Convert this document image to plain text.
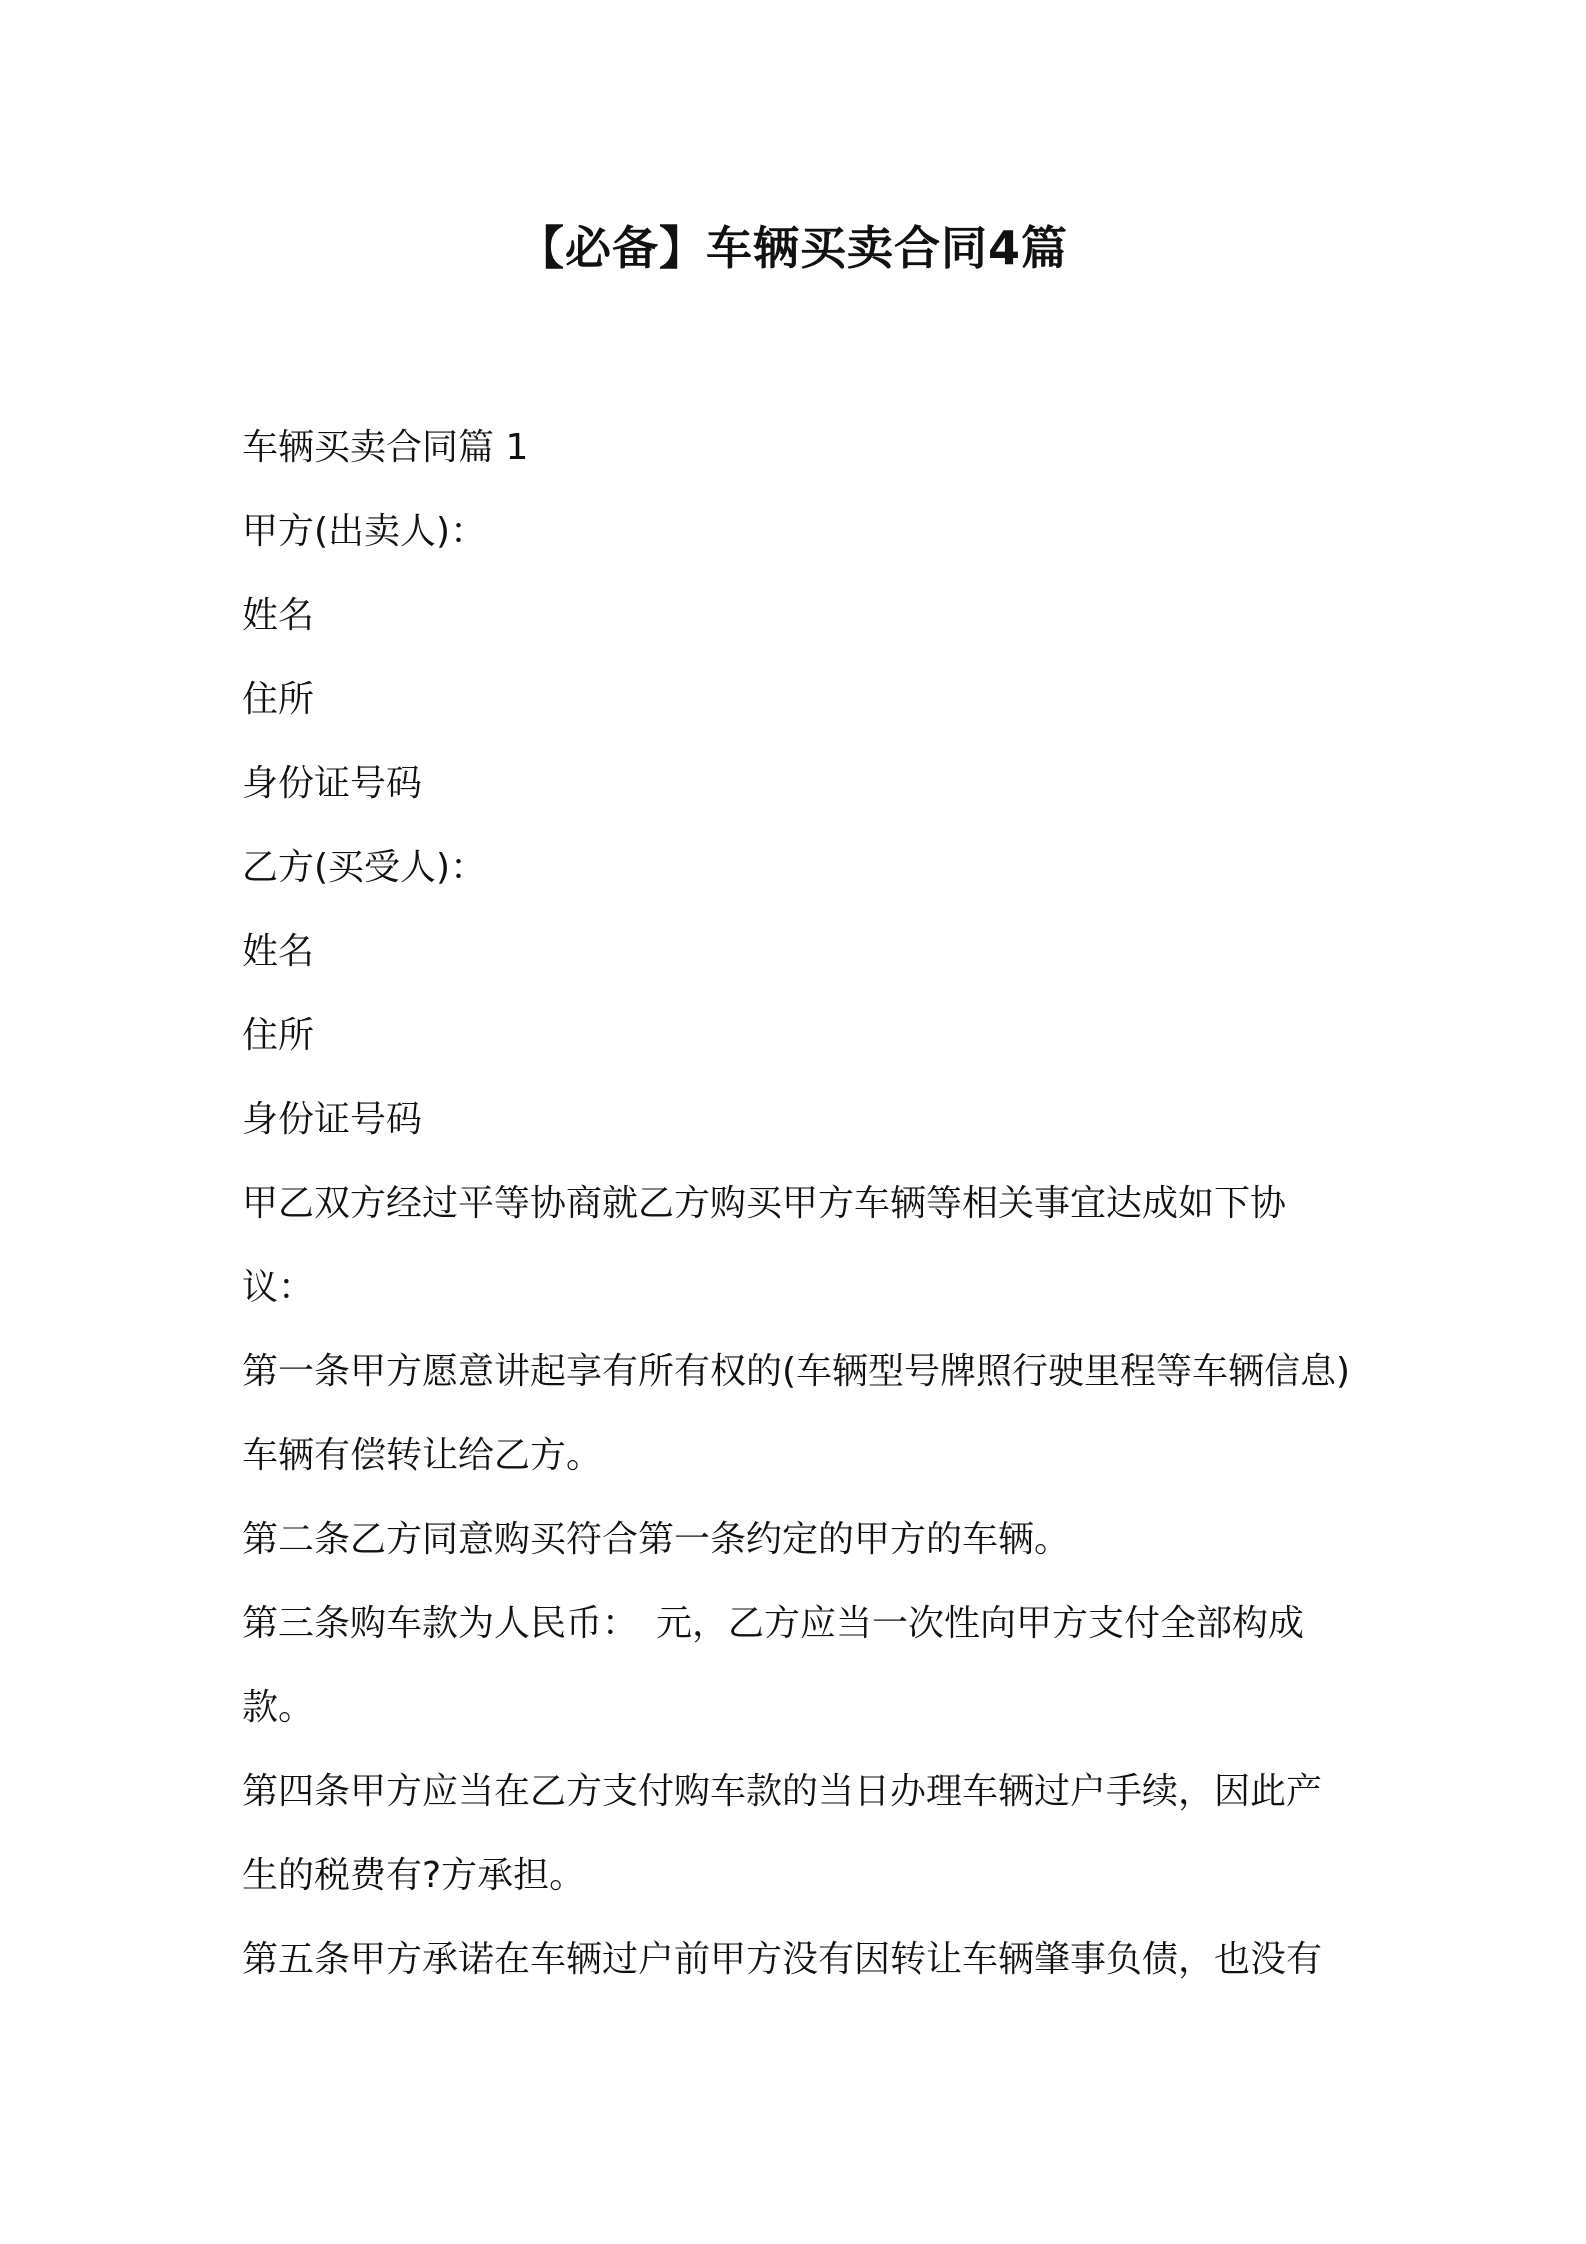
【必备】车辆买卖合同4篇

车辆买卖合同篇 1

甲方(出卖人)：

姓名

住所

身份证号码

乙方(买受人)：

姓名

住所

身份证号码

甲乙双方经过平等协商就乙方购买甲方车辆等相关事宜达成如下协议：

第一条甲方愿意讲起享有所有权的(车辆型号牌照行驶里程等车辆信息)车辆有偿转让给乙方。

第二条乙方同意购买符合第一条约定的甲方的车辆。

第三条购车款为人民币：　元，乙方应当一次性向甲方支付全部构成款。

第四条甲方应当在乙方支付购车款的当日办理车辆过户手续，因此产生的税费有?方承担。

第五条甲方承诺在车辆过户前甲方没有因转让车辆肇事负债，也没有
